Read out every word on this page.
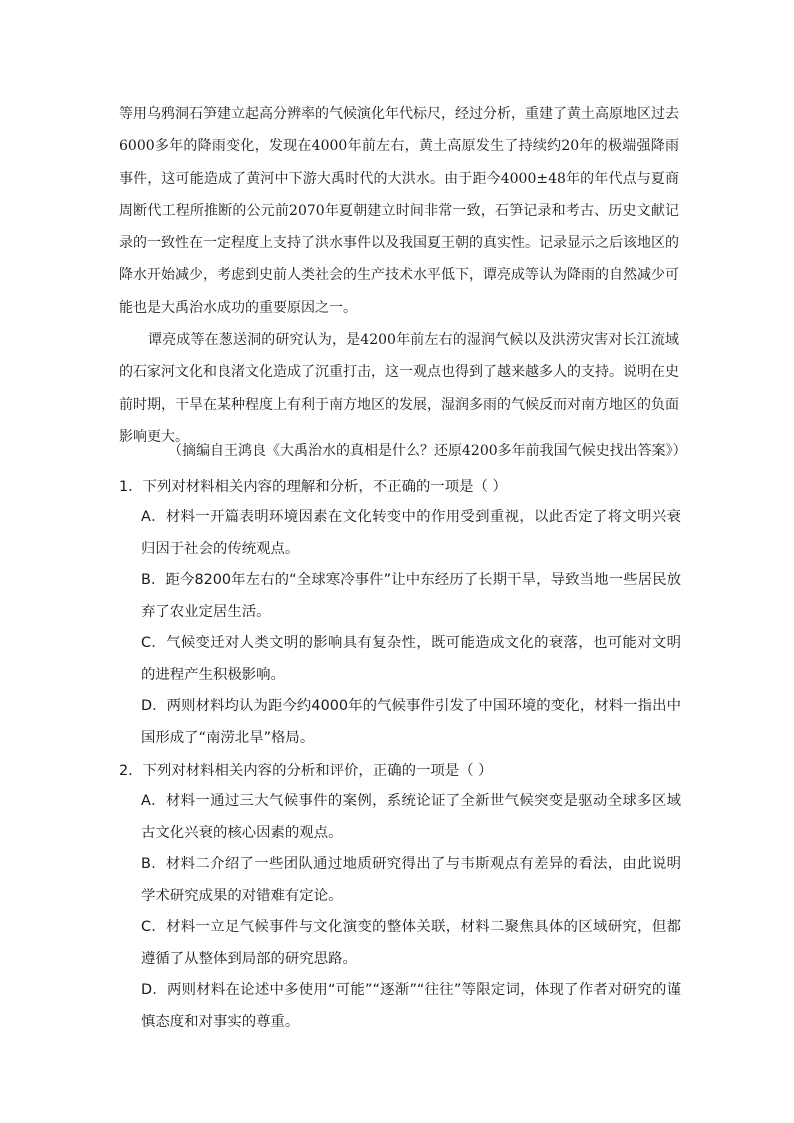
等用乌鸦洞石笋建立起高分辨率的气候演化年代标尺，经过分析，重建了黄土高原地区过去6000多年的降雨变化，发现在4000年前左右，黄土高原发生了持续约20年的极端强降雨事件，这可能造成了黄河中下游大禹时代的大洪水。由于距今4000±48年的年代点与夏商周断代工程所推断的公元前2070年夏朝建立时间非常一致，石笋记录和考古、历史文献记录的一致性在一定程度上支持了洪水事件以及我国夏王朝的真实性。记录显示之后该地区的降水开始减少，考虑到史前人类社会的生产技术水平低下，谭亮成等认为降雨的自然减少可能也是大禹治水成功的重要原因之一。

谭亮成等在葱送洞的研究认为，是4200年前左右的湿润气候以及洪涝灾害对长江流域的石家河文化和良渚文化造成了沉重打击，这一观点也得到了越来越多人的支持。说明在史前时期，干旱在某种程度上有利于南方地区的发展，湿润多雨的气候反而对南方地区的负面影响更大。

（摘编自王鸿良《大禹治水的真相是什么？还原4200多年前我国气候史找出答案》）
1．下列对材料相关内容的理解和分析，不正确的一项是（ ）
A．材料一开篇表明环境因素在文化转变中的作用受到重视，以此否定了将文明兴衰归因于社会的传统观点。
B．距今8200年左右的“全球寒冷事件”让中东经历了长期干旱，导致当地一些居民放弃了农业定居生活。
C．气候变迁对人类文明的影响具有复杂性，既可能造成文化的衰落，也可能对文明的进程产生积极影响。
D．两则材料均认为距今约4000年的气候事件引发了中国环境的变化，材料一指出中国形成了“南涝北旱”格局。
2．下列对材料相关内容的分析和评价，正确的一项是（ ）
A．材料一通过三大气候事件的案例，系统论证了全新世气候突变是驱动全球多区域古文化兴衰的核心因素的观点。
B．材料二介绍了一些团队通过地质研究得出了与韦斯观点有差异的看法，由此说明学术研究成果的对错难有定论。
C．材料一立足气候事件与文化演变的整体关联，材料二聚焦具体的区域研究，但都遵循了从整体到局部的研究思路。
D．两则材料在论述中多使用“可能”“逐渐”“往往”等限定词，体现了作者对研究的谨慎态度和对事实的尊重。
